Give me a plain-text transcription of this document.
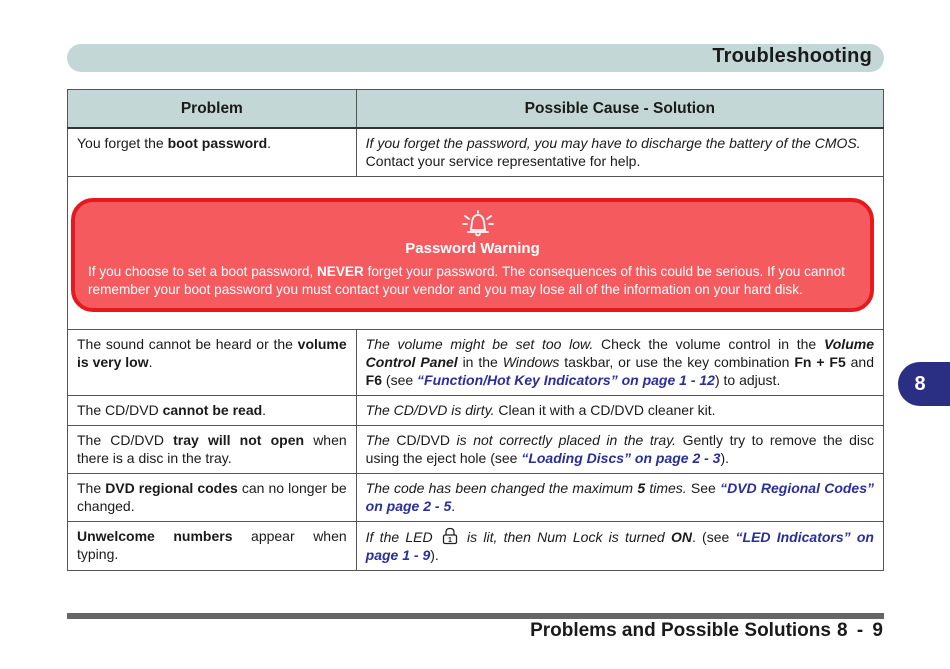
Troubleshooting
8
Problem	Possible Cause - Solution
You forget the boot password.	If you forget the password, you may have to discharge the battery of the CMOS. Contact your service representative for help.

Password Warning
If you choose to set a boot password, NEVER forget your password. The consequences of this could be serious. If you cannot remember your boot password you must contact your vendor and you may lose all of the information on your hard disk.	

The sound cannot be heard or the volume is very low.	The volume might be set too low. Check the volume control in the Volume Control Panel in the Windows taskbar, or use the key combination Fn + F5 and F6 (see “Function/Hot Key Indicators” on page 1 - 12) to adjust.
The CD/DVD cannot be read.	The CD/DVD is dirty. Clean it with a CD/DVD cleaner kit.
The CD/DVD tray will not open when there is a disc in the tray.	The CD/DVD is not correctly placed in the tray. Gently try to remove the disc using the eject hole (see “Loading Discs” on page 2 - 3).
The DVD regional codes can no longer be changed.	The code has been changed the maximum 5 times. See “DVD Regional Codes” on page 2 - 5.
Unwelcome numbers appear when typing.	If the LED 1 is lit, then Num Lock is turned ON. (see “LED Indicators” on page 1 - 9).
Problems and Possible Solutions 8 - 9
